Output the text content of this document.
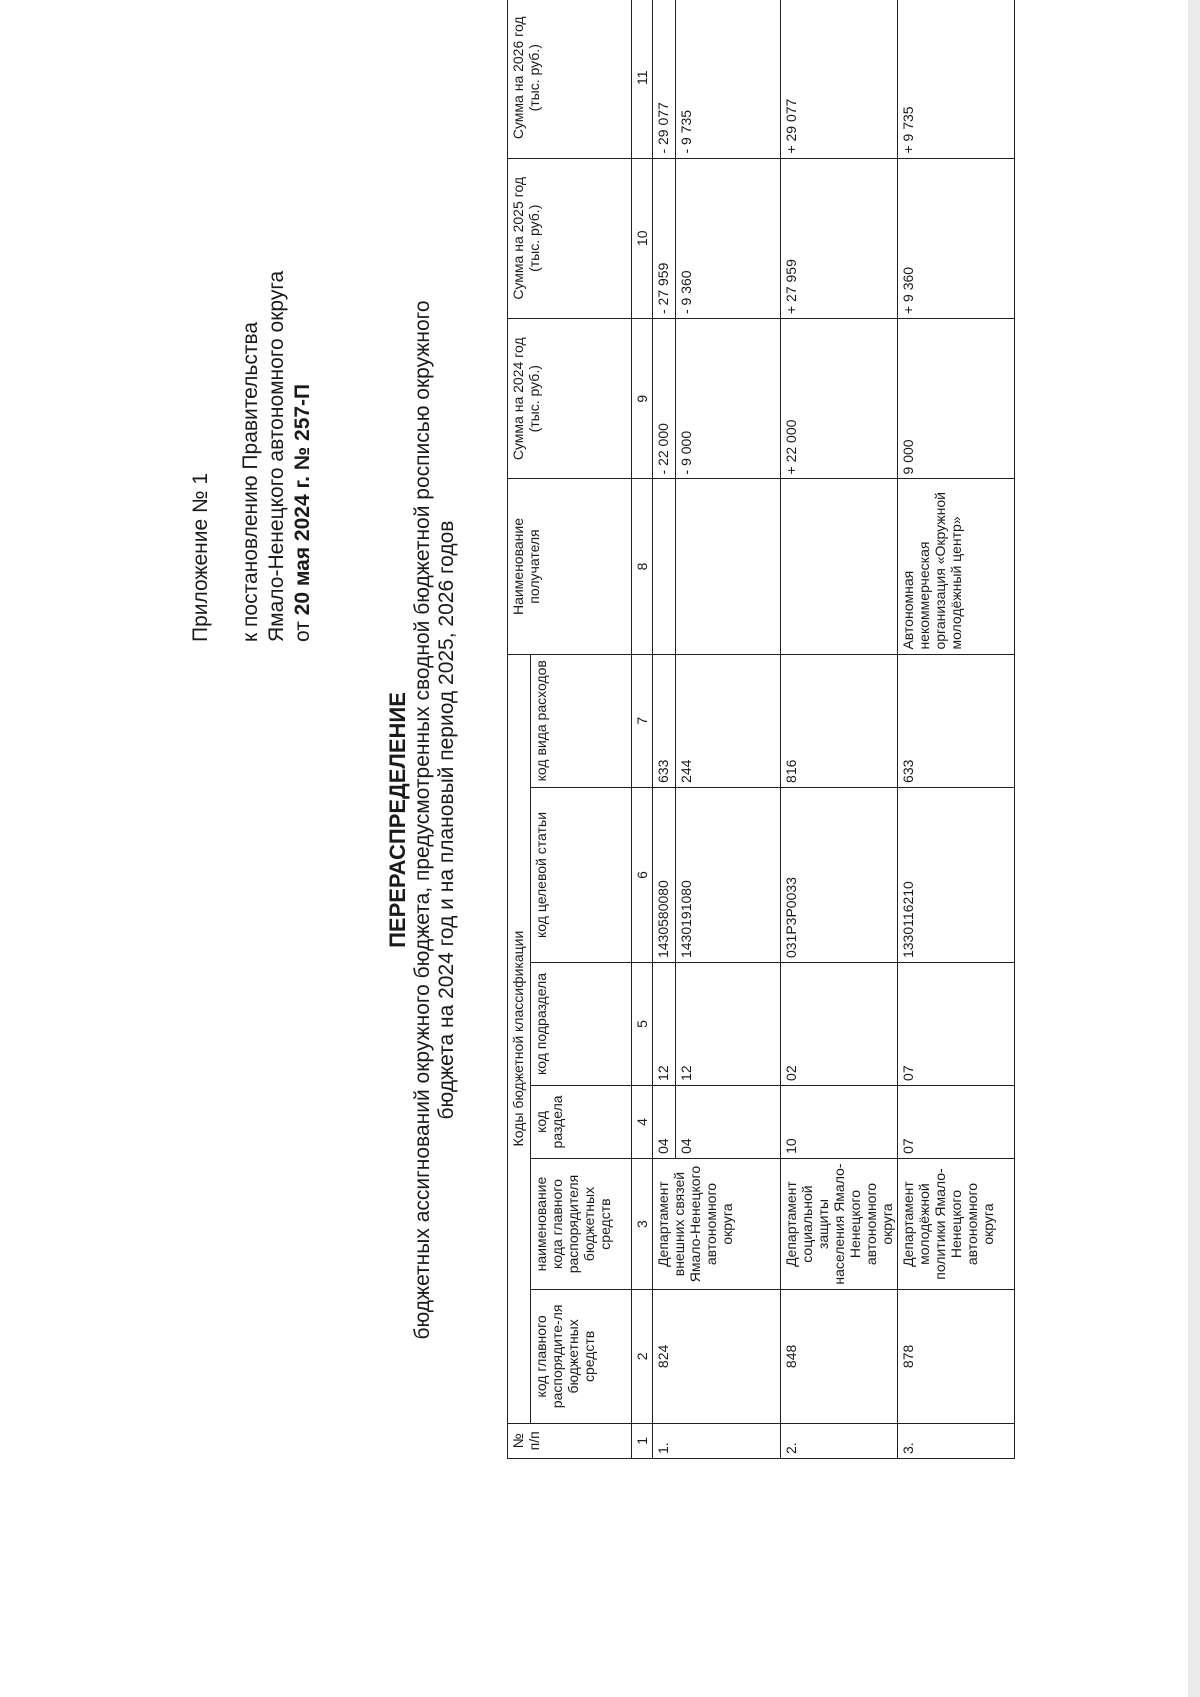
Приложение № 1 к постановлению Правительства Ямало-Ненецкого автономного округа от 20 мая 2024 г. № 257-П
ПЕРЕРАСПРЕДЕЛЕНИЕ бюджетных ассигнований окружного бюджета, предусмотренных сводной бюджетной росписью окружного бюджета на 2024 год и на плановый период 2025, 2026 годов
№ п/п	Коды бюджетной классификации						Наименование получателя	Сумма на 2024 год (тыс. руб.)	Сумма на 2025 год (тыс. руб.)	Сумма на 2026 год (тыс. руб.)
	код главного распорядите-ля бюджетных средств	наименование кода главного распорядителя бюджетных средств	код раздела	код подраздела	код целевой статьи	код вида расходов				
1	2	3	4	5	6	7	8	9	10	11
1.	824	Департамент внешних связей Ямало-Ненецкого автономного округа	04	12	1430580080	633		- 22 000	- 27 959	- 29 077
			04	12	1430191080	244		- 9 000	- 9 360	- 9 735
2.	848	Департамент социальной защиты населения Ямало-Ненецкого автономного округа	10	02	031Р3Р0033	816		+ 22 000	+ 27 959	+ 29 077
3.	878	Департамент молодёжной политики Ямало-Ненецкого автономного округа	07	07	1330116210	633	Автономная некоммерческая организация «Окружной молодёжный центр»	9 000	+ 9 360	+ 9 735
